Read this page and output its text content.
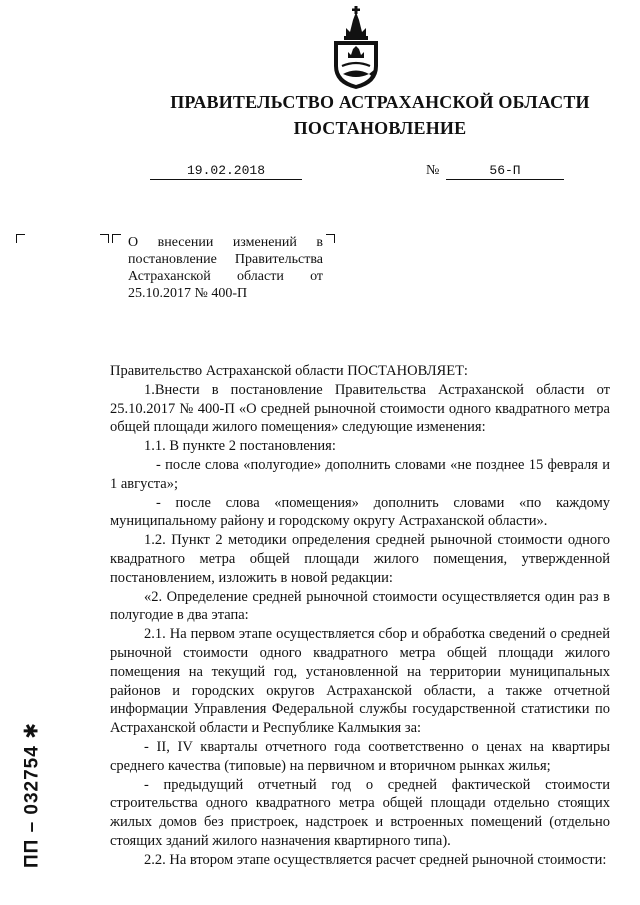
ПРАВИТЕЛЬСТВО АСТРАХАНСКОЙ ОБЛАСТИ
ПОСТАНОВЛЕНИЕ
19.02.2018	№	56-П
О внесении изменений в постановление Правительства Астраханской области от 25.10.2017 № 400-П

Правительство Астраханской области ПОСТАНОВЛЯЕТ:

1.Внести в постановление Правительства Астраханской области от 25.10.2017 № 400-П «О средней рыночной стоимости одного квадратного метра общей площади жилого помещения» следующие изменения:

1.1. В пункте 2 постановления:

- после слова «полугодие» дополнить словами «не позднее 15 февраля и 1 августа»;

- после слова «помещения» дополнить словами «по каждому муниципальному району и городскому округу Астраханской области».

1.2. Пункт 2 методики определения средней рыночной стоимости одного квадратного метра общей площади жилого помещения, утвержденной постановлением, изложить в новой редакции:

«2. Определение средней рыночной стоимости осуществляется один раз в полугодие в два этапа:

2.1. На первом этапе осуществляется сбор и обработка сведений о средней рыночной стоимости одного квадратного метра общей площади жилого помещения на текущий год, установленной на территории муниципальных районов и городских округов Астраханской области, а также отчетной информации Управления Федеральной службы государственной статистики по Астраханской области и Республике Калмыкия за:

- II, IV кварталы отчетного года соответственно о ценах на квартиры среднего качества (типовые) на первичном и вторичном рынках жилья;

- предыдущий отчетный год о средней фактической стоимости строительства одного квадратного метра общей площади отдельно стоящих жилых домов без пристроек, надстроек и встроенных помещений (отдельно стоящих зданий жилого назначения квартирного типа).

2.2. На втором этапе осуществляется расчет средней рыночной стоимости:

ПП – 032754 ✱
